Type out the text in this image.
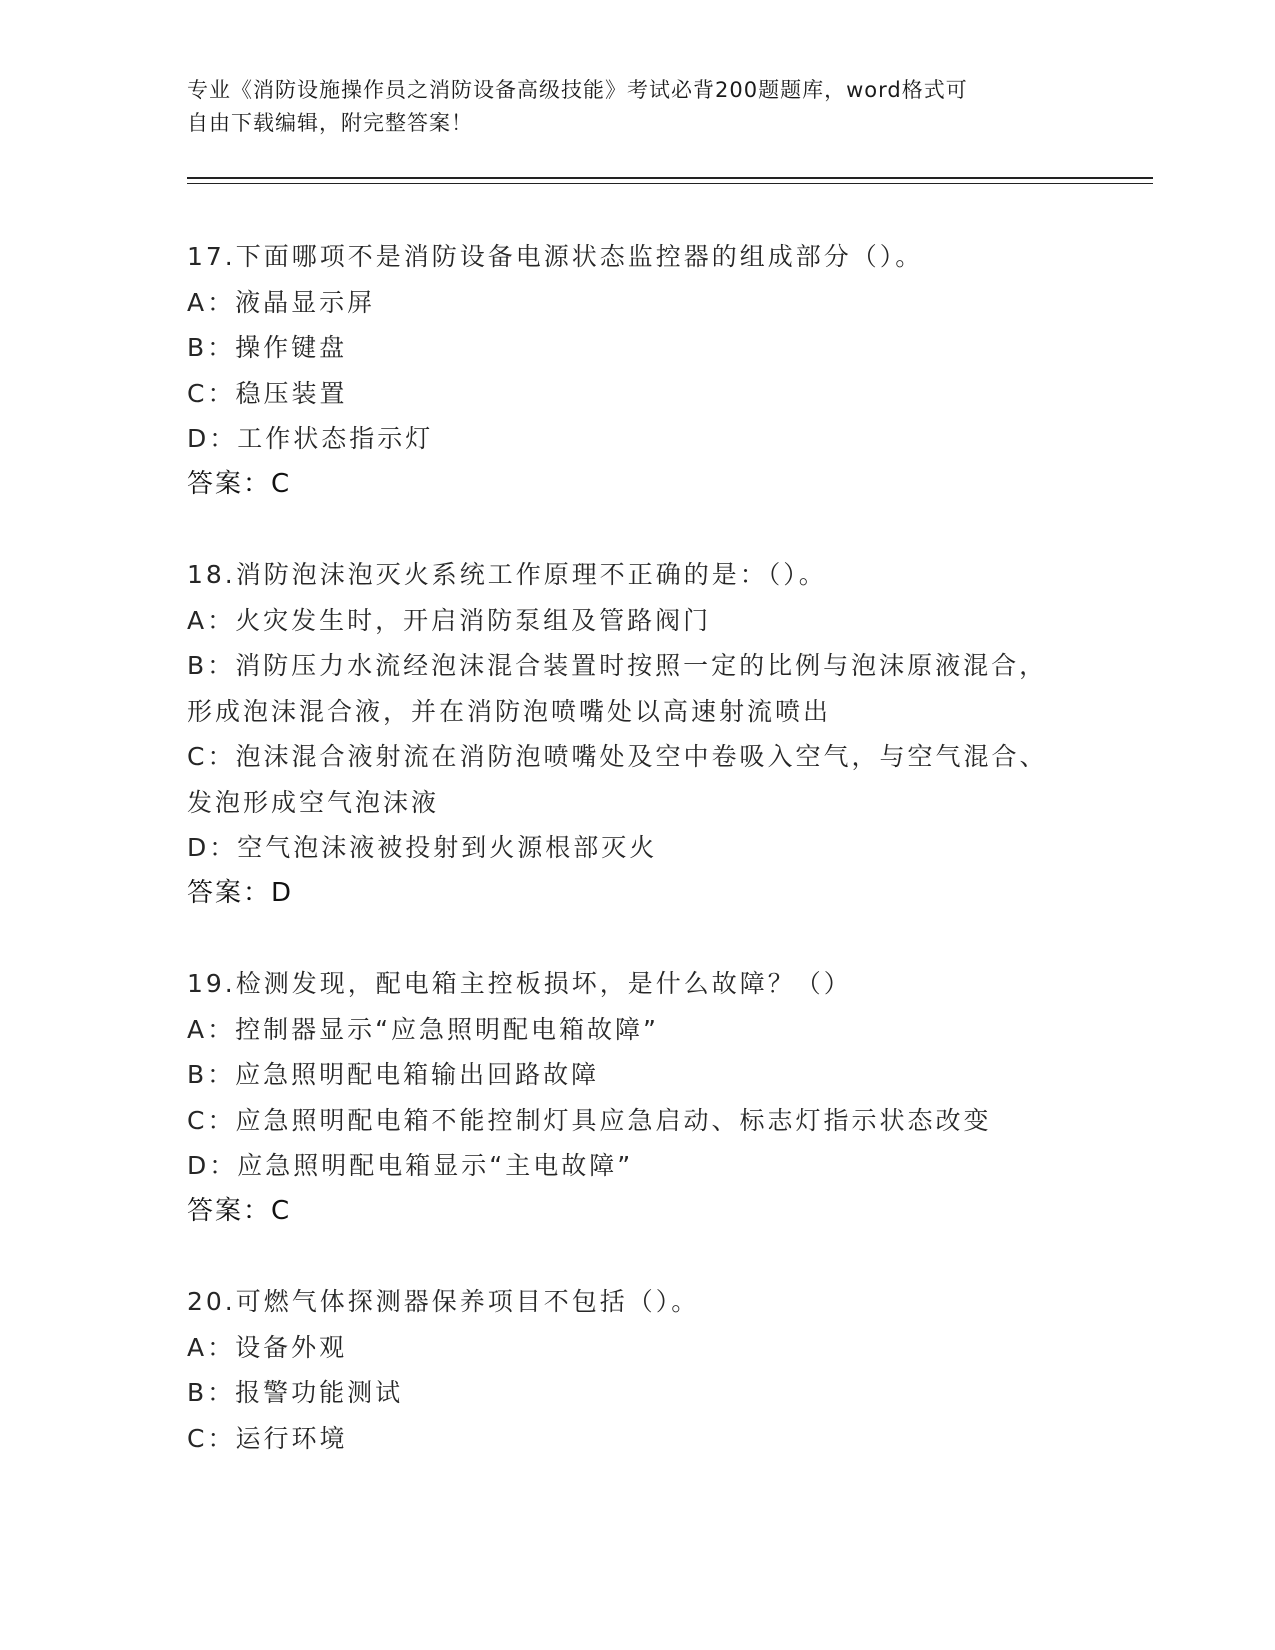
专业《消防设施操作员之消防设备高级技能》考试必背200题题库，word格式可
自由下载编辑，附完整答案！
17.下面哪项不是消防设备电源状态监控器的组成部分（）。
A：液晶显示屏
B：操作键盘
C：稳压装置
D：工作状态指示灯
答案：C
18.消防泡沫泡灭火系统工作原理不正确的是：（）。
A：火灾发生时，开启消防泵组及管路阀门
B：消防压力水流经泡沫混合装置时按照一定的比例与泡沫原液混合，
形成泡沫混合液，并在消防泡喷嘴处以高速射流喷出
C：泡沫混合液射流在消防泡喷嘴处及空中卷吸入空气，与空气混合、
发泡形成空气泡沫液
D：空气泡沫液被投射到火源根部灭火
答案：D
19.检测发现，配电箱主控板损坏，是什么故障？（）
A：控制器显示“应急照明配电箱故障”
B：应急照明配电箱输出回路故障
C：应急照明配电箱不能控制灯具应急启动、标志灯指示状态改变
D：应急照明配电箱显示“主电故障”
答案：C
20.可燃气体探测器保养项目不包括（）。
A：设备外观
B：报警功能测试
C：运行环境
